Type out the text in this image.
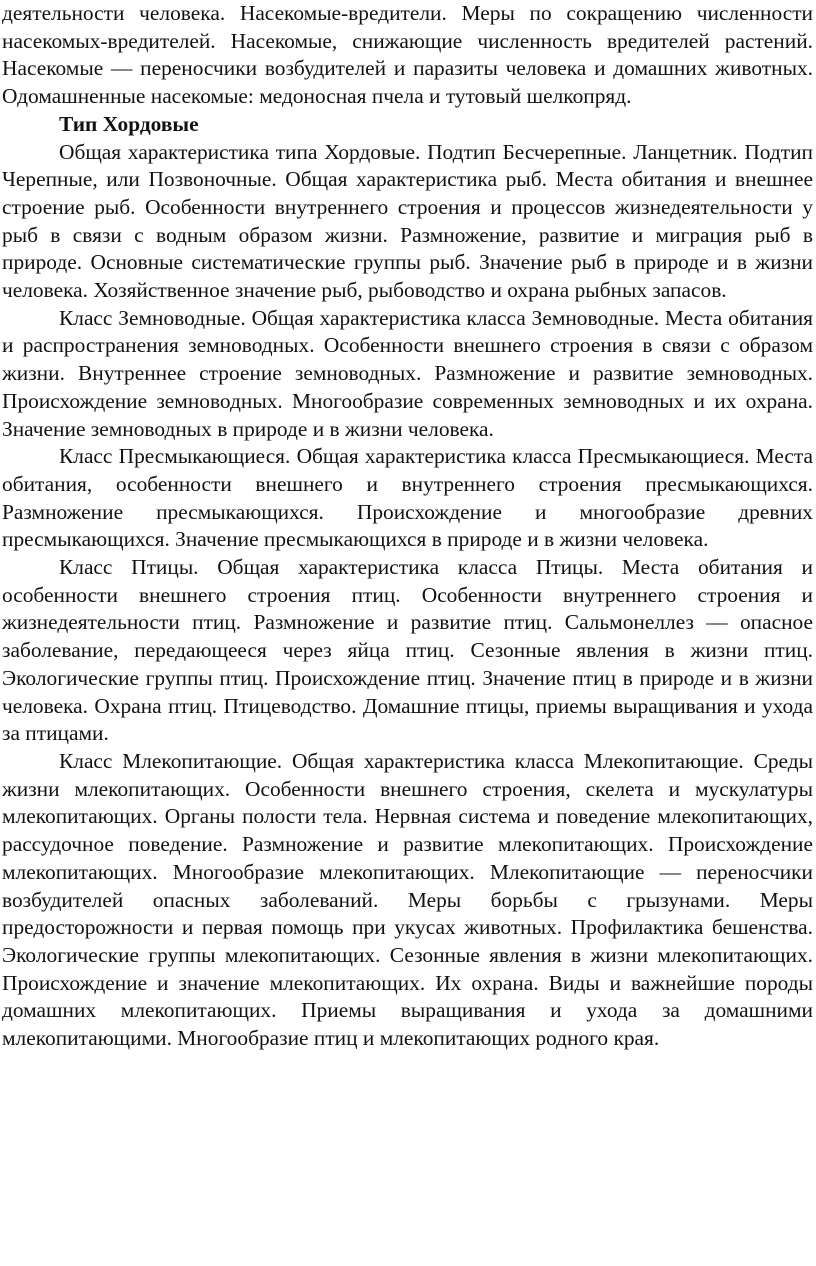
деятельности человека. Насекомые-вредители. Меры по сокращению численности насекомых-вредителей. Насекомые, снижающие численность вредителей растений. Насекомые — переносчики возбудителей и паразиты человека и домашних животных. Одомашненные насекомые: медоносная пчела и тутовый шелкопряд.

Тип Хордовые

Общая характеристика типа Хордовые. Подтип Бесчерепные. Ланцетник. Подтип Черепные, или Позвоночные. Общая характеристика рыб. Места обитания и внешнее строение рыб. Особенности внутреннего строения и процессов жизнедеятельности у рыб в связи с водным образом жизни. Размножение, развитие и миграция рыб в природе. Основные систематические группы рыб. Значение рыб в природе и в жизни человека. Хозяйственное значение рыб, рыбоводство и охрана рыбных запасов.

Класс Земноводные. Общая характеристика класса Земноводные. Места обитания и распространения земноводных. Особенности внешнего строения в связи с образом жизни. Внутреннее строение земноводных. Размножение и развитие земноводных. Происхождение земноводных. Многообразие современных земноводных и их охрана. Значение земноводных в природе и в жизни человека.

Класс Пресмыкающиеся. Общая характеристика класса Пресмыкающиеся. Места обитания, особенности внешнего и внутреннего строения пресмыкающихся. Размножение пресмыкающихся. Происхождение и многообразие древних пресмыкающихся. Значение пресмыкающихся в природе и в жизни человека.

Класс Птицы. Общая характеристика класса Птицы. Места обитания и особенности внешнего строения птиц. Особенности внутреннего строения и жизнедеятельности птиц. Размножение и развитие птиц. Сальмонеллез — опасное заболевание, передающееся через яйца птиц. Сезонные явления в жизни птиц. Экологические группы птиц. Происхождение птиц. Значение птиц в природе и в жизни человека. Охрана птиц. Птицеводство. Домашние птицы, приемы выращивания и ухода за птицами.

Класс Млекопитающие. Общая характеристика класса Млекопитающие. Среды жизни млекопитающих. Особенности внешнего строения, скелета и мускулатуры млекопитающих. Органы полости тела. Нервная система и поведение млекопитающих, рассудочное поведение. Размножение и развитие млекопитающих. Происхождение млекопитающих. Многообразие млекопитающих. Млекопитающие — переносчики возбудителей опасных заболеваний. Меры борьбы с грызунами. Меры предосторожности и первая помощь при укусах животных. Профилактика бешенства. Экологические группы млекопитающих. Сезонные явления в жизни млекопитающих. Происхождение и значение млекопитающих. Их охрана. Виды и важнейшие породы домашних млекопитающих. Приемы выращивания и ухода за домашними млекопитающими. Многообразие птиц и млекопитающих родного края.
